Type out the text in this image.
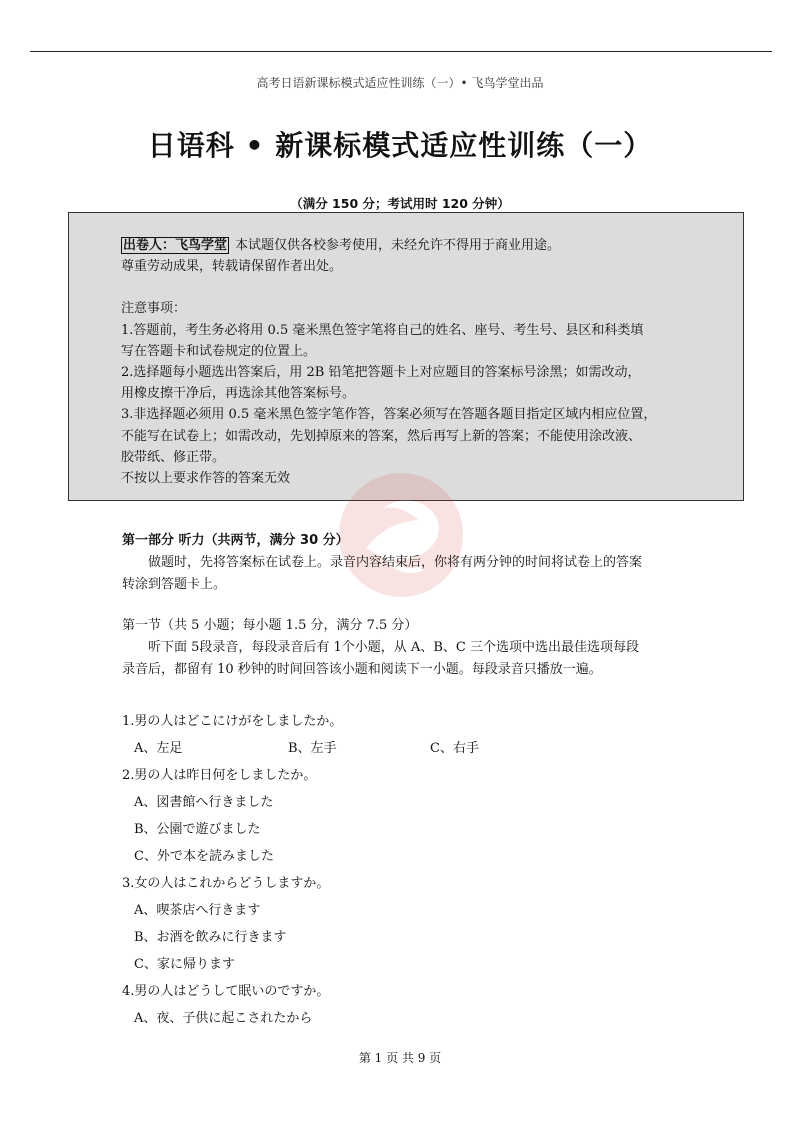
高考日语新课标模式适应性训练（一）• 飞鸟学堂出品
日语科 • 新课标模式适应性训练（一）
（满分 150 分；考试用时 120 分钟）
出卷人：飞鸟学堂 本试题仅供各校参考使用，未经允许不得用于商业用途。
尊重劳动成果，转载请保留作者出处。
注意事项：
1.答题前，考生务必将用 0.5 毫米黑色签字笔将自己的姓名、座号、考生号、县区和科类填
写在答题卡和试卷规定的位置上。
2.选择题每小题选出答案后，用 2B 铅笔把答题卡上对应题目的答案标号涂黑；如需改动，
用橡皮擦干净后，再选涂其他答案标号。
3.非选择题必须用 0.5 毫米黑色签字笔作答，答案必须写在答题各题目指定区域内相应位置，
不能写在试卷上；如需改动，先划掉原来的答案，然后再写上新的答案；不能使用涂改液、
胶带纸、修正带。
不按以上要求作答的答案无效
第一部分 听力（共两节，满分 30 分）
做题时，先将答案标在试卷上。录音内容结束后，你将有两分钟的时间将试卷上的答案
转涂到答题卡上。
第一节（共 5 小题；每小题 1.5 分，满分 7.5 分）
听下面 5段录音，每段录音后有 1个小题，从 A、B、C 三个选项中选出最佳选项每段
录音后，都留有 10 秒钟的时间回答该小题和阅读下一小题。每段录音只播放一遍。
1.男の人はどこにけがをしましたか。
A、左足	B、左手	C、右手
2.男の人は昨日何をしましたか。
A、図書館へ行きました
B、公園で遊びました
C、外で本を読みました
3.女の人はこれからどうしますか。
A、喫茶店へ行きます
B、お酒を飲みに行きます
C、家に帰ります
4.男の人はどうして眠いのですか。
A、夜、子供に起こされたから
第 1 页 共 9 页
